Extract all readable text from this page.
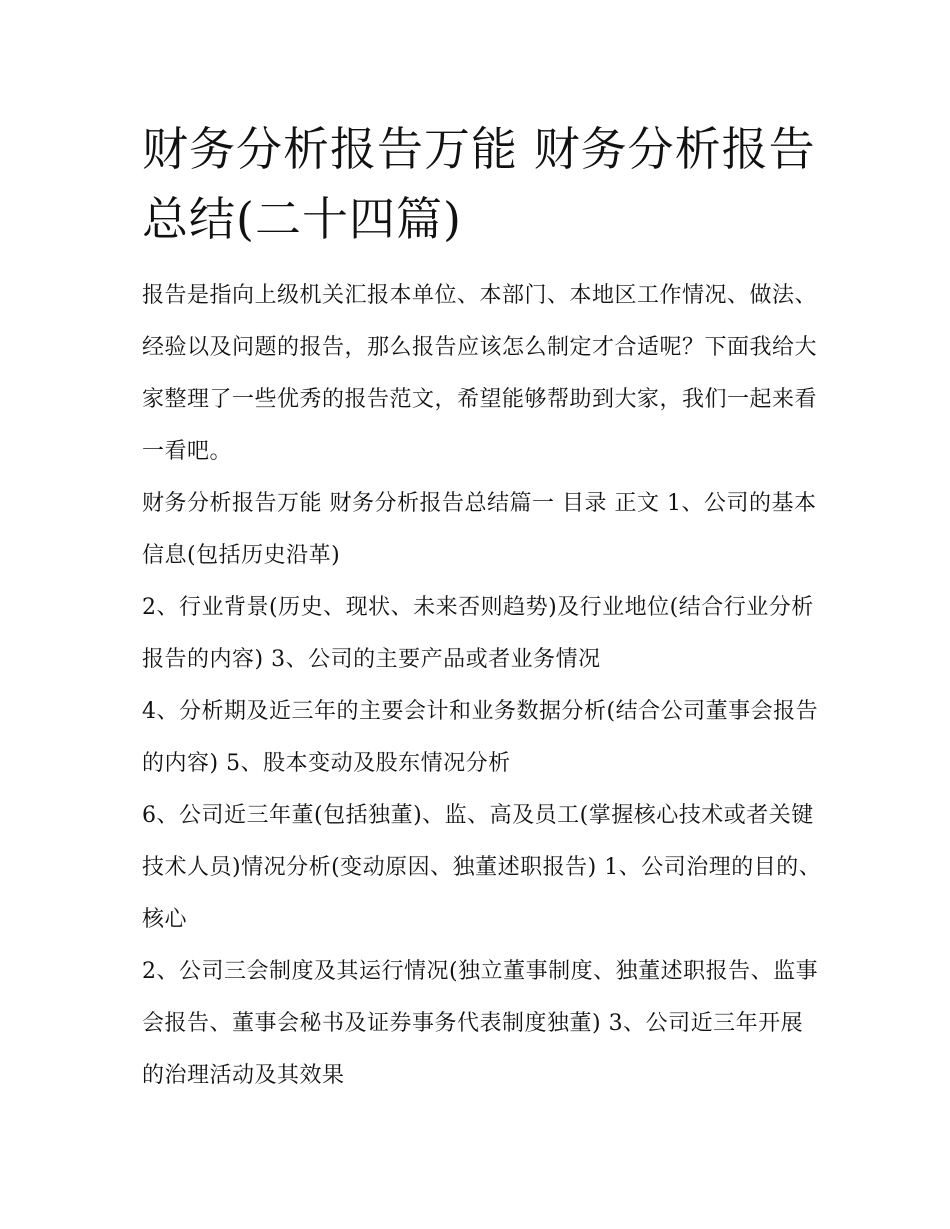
财务分析报告万能 财务分析报告总结(二十四篇)

报告是指向上级机关汇报本单位、本部门、本地区工作情况、做法、经验以及问题的报告，那么报告应该怎么制定才合适呢？下面我给大家整理了一些优秀的报告范文，希望能够帮助到大家，我们一起来看一看吧。

财务分析报告万能 财务分析报告总结篇一 目录 正文 1、公司的基本信息(包括历史沿革)

2、行业背景(历史、现状、未来否则趋势)及行业地位(结合行业分析报告的内容) 3、公司的主要产品或者业务情况

4、分析期及近三年的主要会计和业务数据分析(结合公司董事会报告的内容) 5、股本变动及股东情况分析

6、公司近三年董(包括独董)、监、高及员工(掌握核心技术或者关键技术人员)情况分析(变动原因、独董述职报告) 1、公司治理的目的、核心

2、公司三会制度及其运行情况(独立董事制度、独董述职报告、监事会报告、董事会秘书及证券事务代表制度独董) 3、公司近三年开展的治理活动及其效果
